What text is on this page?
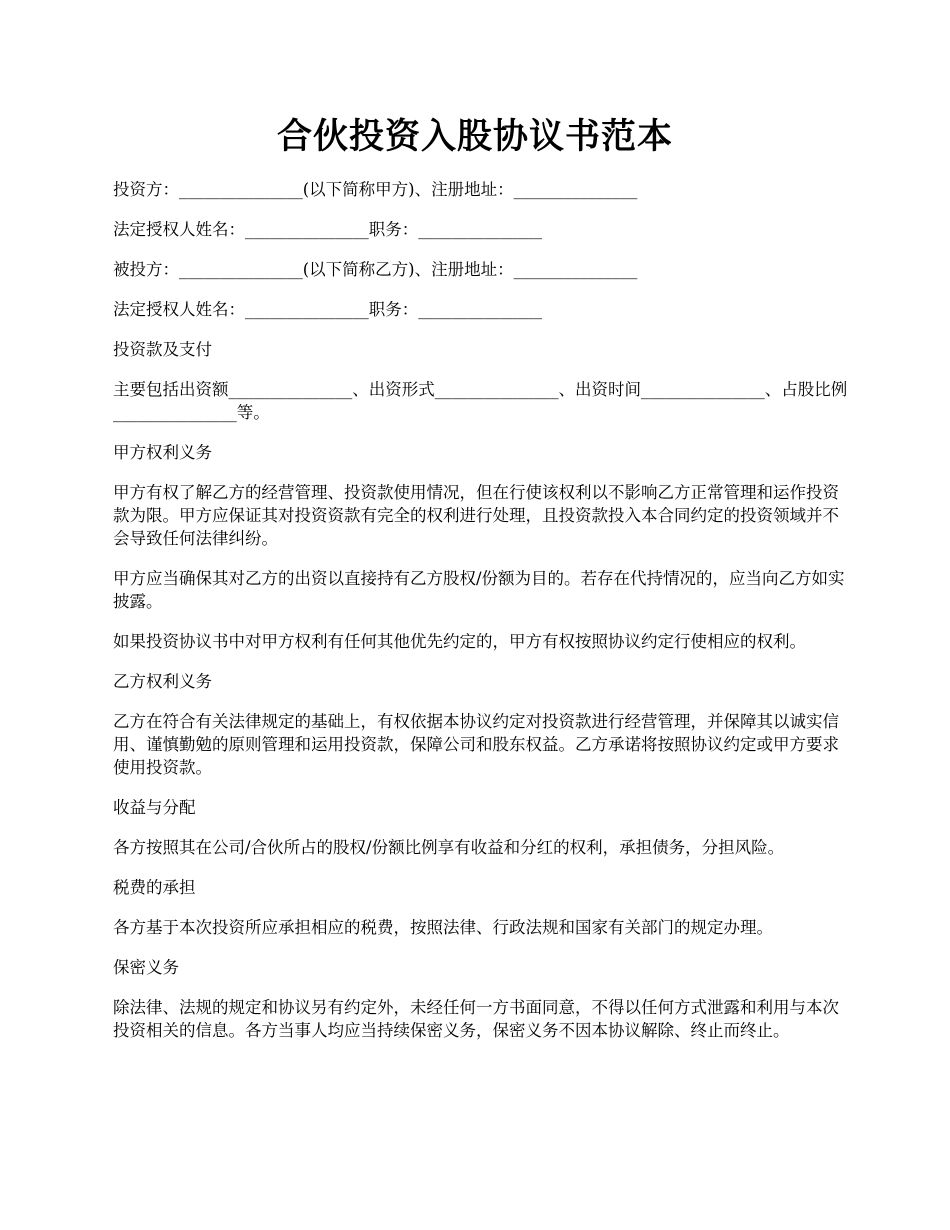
合伙投资入股协议书范本
投资方：_______________(以下简称甲方)、注册地址：_______________
法定授权人姓名：_______________职务：_______________
被投方：_______________(以下简称乙方)、注册地址：_______________
法定授权人姓名：_______________职务：_______________
投资款及支付
主要包括出资额_______________、出资形式_______________、出资时间_______________、占股比例_______________等。
甲方权利义务
甲方有权了解乙方的经营管理、投资款使用情况，但在行使该权利以不影响乙方正常管理和运作投资款为限。甲方应保证其对投资资款有完全的权利进行处理，且投资款投入本合同约定的投资领域并不会导致任何法律纠纷。
甲方应当确保其对乙方的出资以直接持有乙方股权/份额为目的。若存在代持情况的，应当向乙方如实披露。
如果投资协议书中对甲方权利有任何其他优先约定的，甲方有权按照协议约定行使相应的权利。
乙方权利义务
乙方在符合有关法律规定的基础上，有权依据本协议约定对投资款进行经营管理，并保障其以诚实信用、谨慎勤勉的原则管理和运用投资款，保障公司和股东权益。乙方承诺将按照协议约定或甲方要求使用投资款。
收益与分配
各方按照其在公司/合伙所占的股权/份额比例享有收益和分红的权利，承担债务，分担风险。
税费的承担
各方基于本次投资所应承担相应的税费，按照法律、行政法规和国家有关部门的规定办理。
保密义务
除法律、法规的规定和协议另有约定外，未经任何一方书面同意，不得以任何方式泄露和利用与本次投资相关的信息。各方当事人均应当持续保密义务，保密义务不因本协议解除、终止而终止。
